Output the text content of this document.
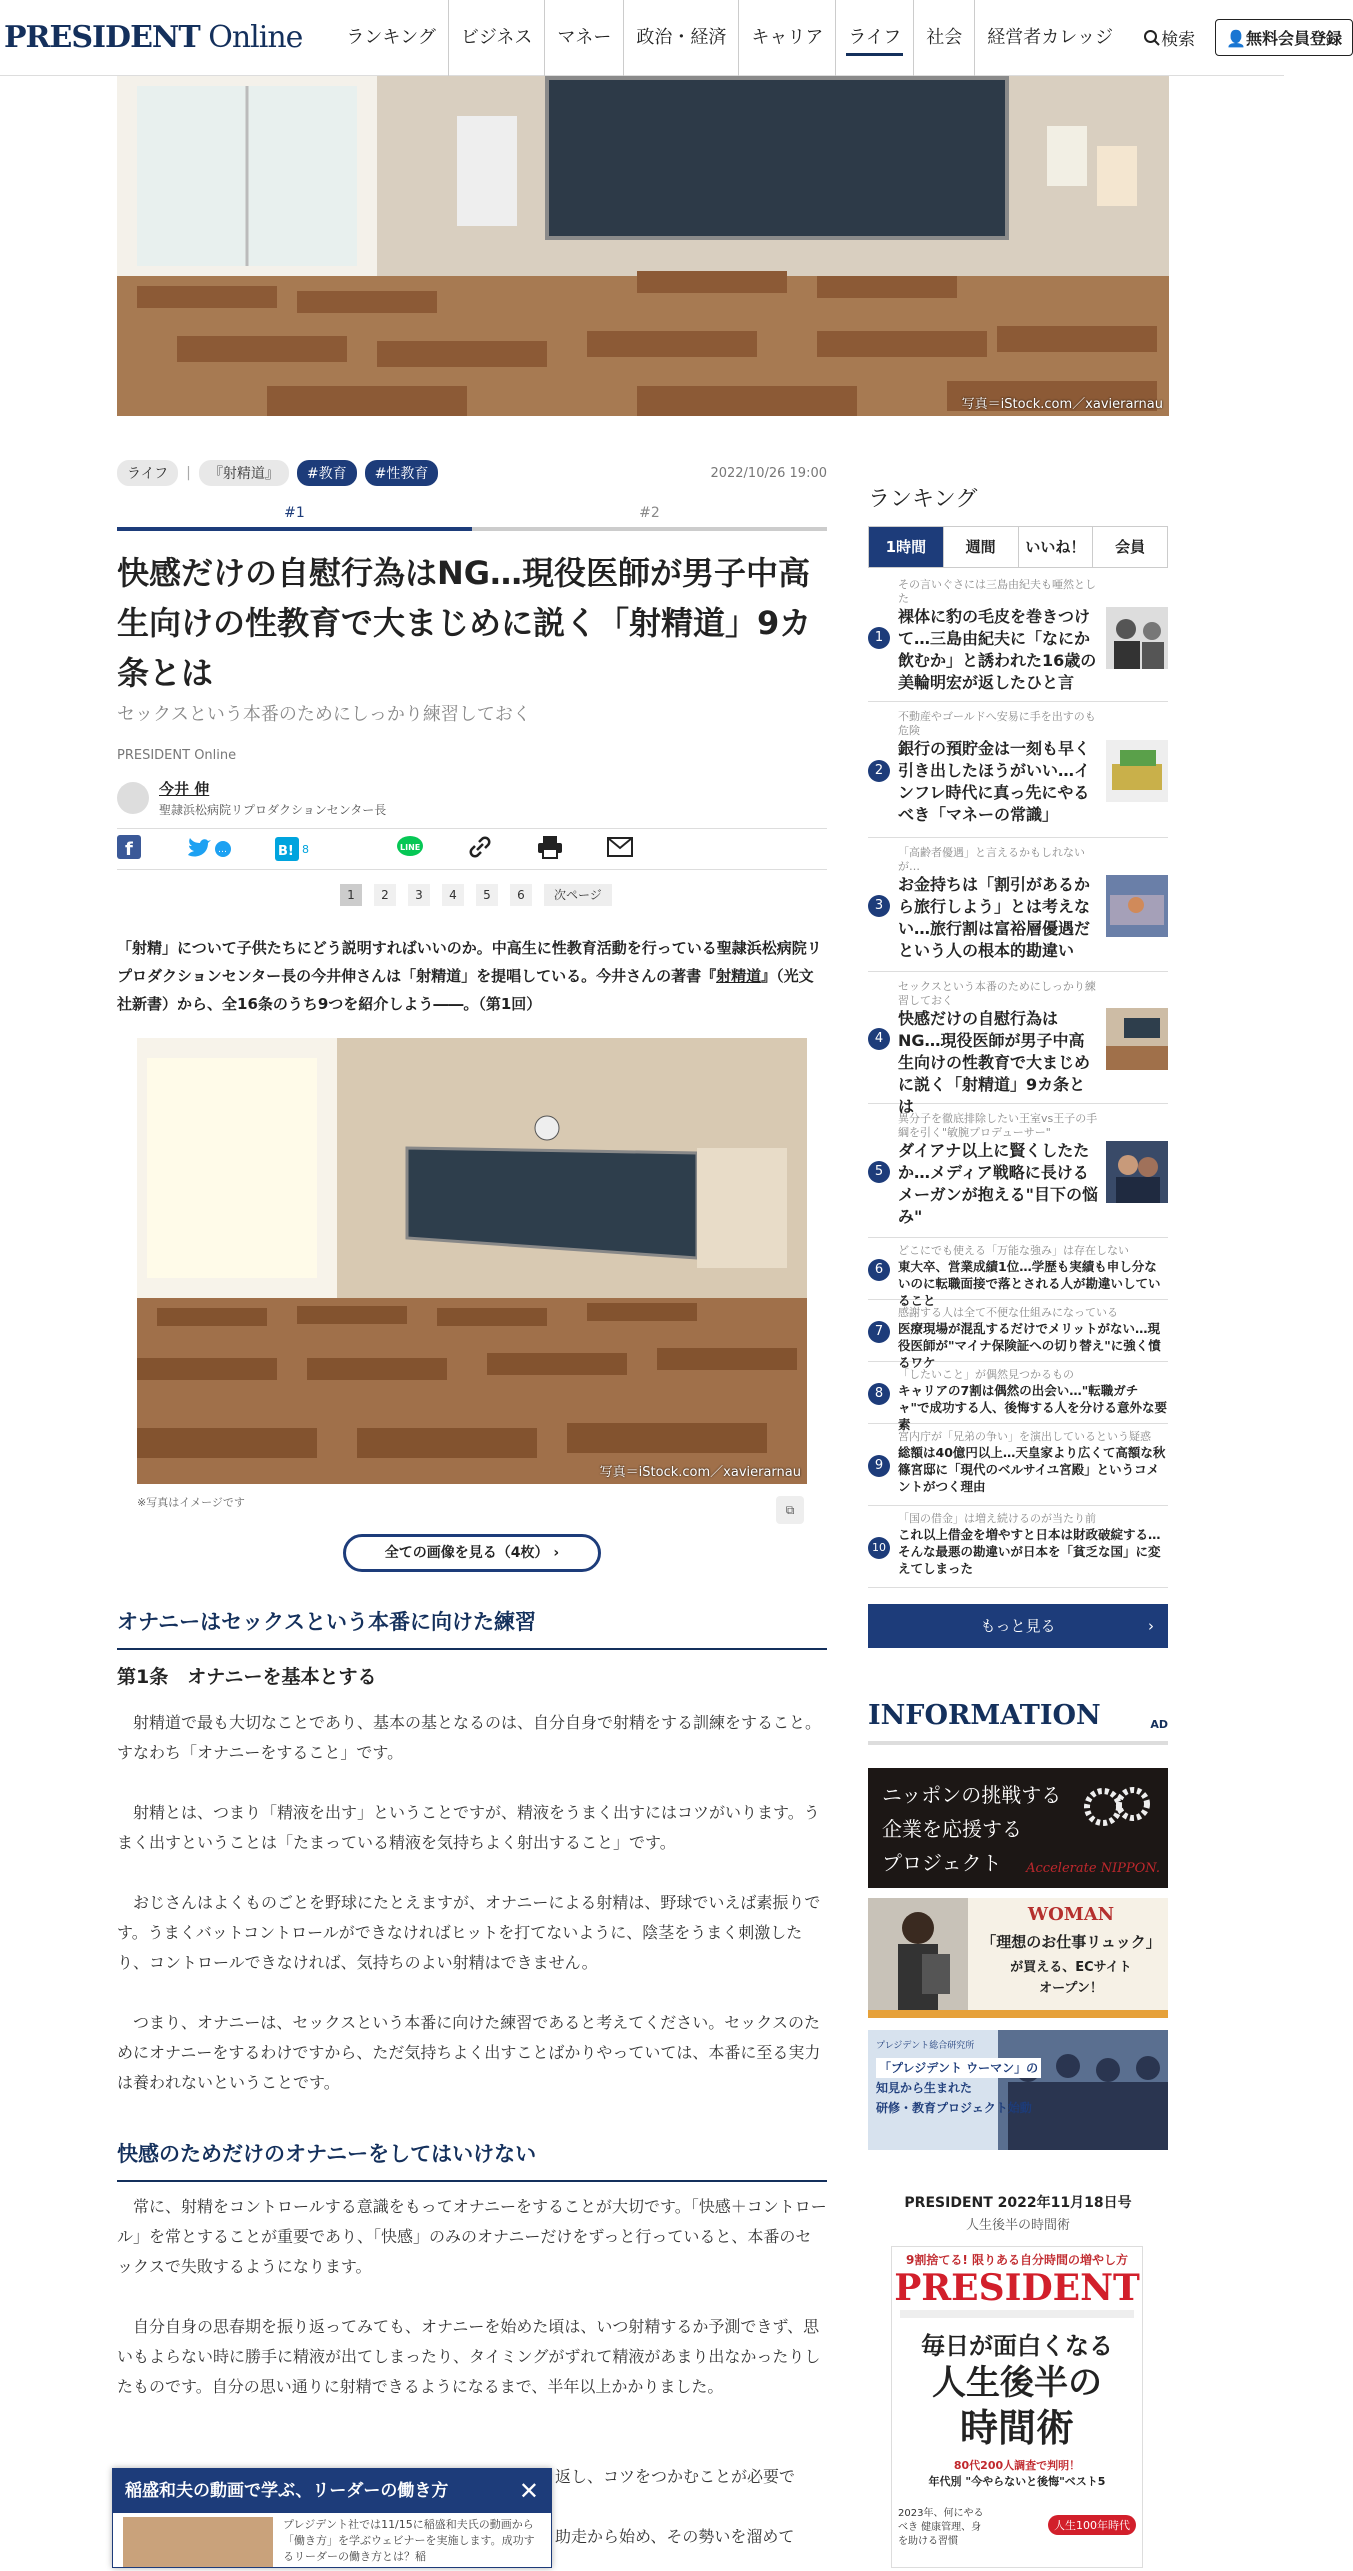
PRESIDENT Online	ランキング	ビジネス	マネー	政治・経済	キャリア	ライフ	社会	経営者カレッジ	検索	👤無料会員登録
写真＝iStock.com／xavierarnau
ライフ	|	『射精道』	#教育	#性教育	2022/10/26 19:00
#1	#2
快感だけの自慰行為はNG…現役医師が男子中高生向けの性教育で大まじめに説く「射精道」9カ条とは
セックスという本番のためにしっかり練習しておく
PRESIDENT Online
今井 伸
聖隷浜松病院リプロダクションセンター長
f	…	B! 8	LINE
1	2	3	4	5	6	次ページ

「射精」について子供たちにどう説明すればいいのか。中高生に性教育活動を行っている聖隷浜松病院リプロダクションセンター長の今井伸さんは「射精道」を提唱している。今井さんの著書『射精道』（光文社新書）から、全16条のうち9つを紹介しよう――。（第1回）

写真＝iStock.com／xavierarnau
※写真はイメージです
⧉
全ての画像を見る（4枚） ›
オナニーはセックスという本番に向けた練習
第1条　オナニーを基本とする

　射精道で最も大切なことであり、基本の基となるのは、自分自身で射精をする訓練をすること。すなわち「オナニーをすること」です。

　射精とは、つまり「精液を出す」ということですが、精液をうまく出すにはコツがいります。うまく出すということは「たまっている精液を気持ちよく射出すること」です。

　おじさんはよくものごとを野球にたとえますが、オナニーによる射精は、野球でいえば素振りです。うまくバットコントロールができなければヒットを打てないように、陰茎をうまく刺激したり、コントロールできなければ、気持ちのよい射精はできません。

　つまり、オナニーは、セックスという本番に向けた練習であると考えてください。セックスのためにオナニーをするわけですから、ただ気持ちよく出すことばかりやっていては、本番に至る実力は養われないということです。

快感のためだけのオナニーをしてはいけない

　常に、射精をコントロールする意識をもってオナニーをすることが大切です。「快感＋コントロール」を常とすることが重要であり、「快感」のみのオナニーだけをずっと行っていると、本番のセックスで失敗するようになります。

　自分自身の思春期を振り返ってみても、オナニーを始めた頃は、いつ射精するか予測できず、思いもよらない時に勝手に精液が出てしまったり、タイミングがずれて精液があまり出なかったりしたものです。自分の思い通りに射精できるようになるまで、半年以上かかりました。

返し、コツをつかむことが必要で

助走から始め、その勢いを溜めて

ランキング
1時間	週間	いいね！	会員
1
その言いぐさには三島由紀夫も唖然とした
裸体に豹の毛皮を巻きつけて…三島由紀夫に「なにか飲むか」と誘われた16歳の美輪明宏が返したひと言
2
不動産やゴールドへ安易に手を出すのも危険
銀行の預貯金は一刻も早く引き出したほうがいい…インフレ時代に真っ先にやるべき「マネーの常識」
3
「高齢者優遇」と言えるかもしれないが…
お金持ちは「割引があるから旅行しよう」とは考えない…旅行割は富裕層優遇だという人の根本的勘違い
4
セックスという本番のためにしっかり練習しておく
快感だけの自慰行為はNG…現役医師が男子中高生向けの性教育で大まじめに説く「射精道」9カ条とは
5
異分子を徹底排除したい王室vs王子の手綱を引く"敏腕プロデューサー"
ダイアナ以上に賢くしたたか…メディア戦略に長けるメーガンが抱える"目下の悩み"
6
どこにでも使える「万能な強み」は存在しない
東大卒、営業成績1位…学歴も実績も申し分ないのに転職面接で落とされる人が勘違いしていること
7
感謝する人は全て不便な仕組みになっている
医療現場が混乱するだけでメリットがない…現役医師が"マイナ保険証への切り替え"に強く憤るワケ
8
「したいこと」が偶然見つかるもの
キャリアの7割は偶然の出会い…"転職ガチャ"で成功する人、後悔する人を分ける意外な要素
9
宮内庁が「兄弟の争い」を演出しているという疑惑
総額は40億円以上…天皇家より広くて高額な秋篠宮邸に「現代のベルサイユ宮殿」というコメントがつく理由
10
「国の借金」は増え続けるのが当たり前
これ以上借金を増やすと日本は財政破綻する…そんな最悪の勘違いが日本を「貧乏な国」に変えてしまった
もっと見る	›
INFORMATION	AD
ニッポンの挑戦する
企業を応援する
プロジェクト	Accelerate NIPPON.
WOMAN
「理想のお仕事リュック」
が買える、ECサイト
オープン！
プレジデント総合研究所
「プレジデント ウーマン」の
知見から生まれた
研修・教育プロジェクト始動
PRESIDENT 2022年11月18日号
人生後半の時間術
9割捨てる! 限りある自分時間の増やし方
PRESIDENT
毎日が面白くなる
人生後半の
時間術
80代200人調査で判明！
年代別 "今やらないと後悔"ベスト5
2023年、何にやるべき 健康管理、身を助ける習慣
人生100年時代
稲盛和夫の動画で学ぶ、リーダーの働き方	✕
プレジデント社では11/15に稲盛和夫氏の動画から「働き方」を学ぶウェビナーを実施します。成功するリーダーの働き方とは？稲
